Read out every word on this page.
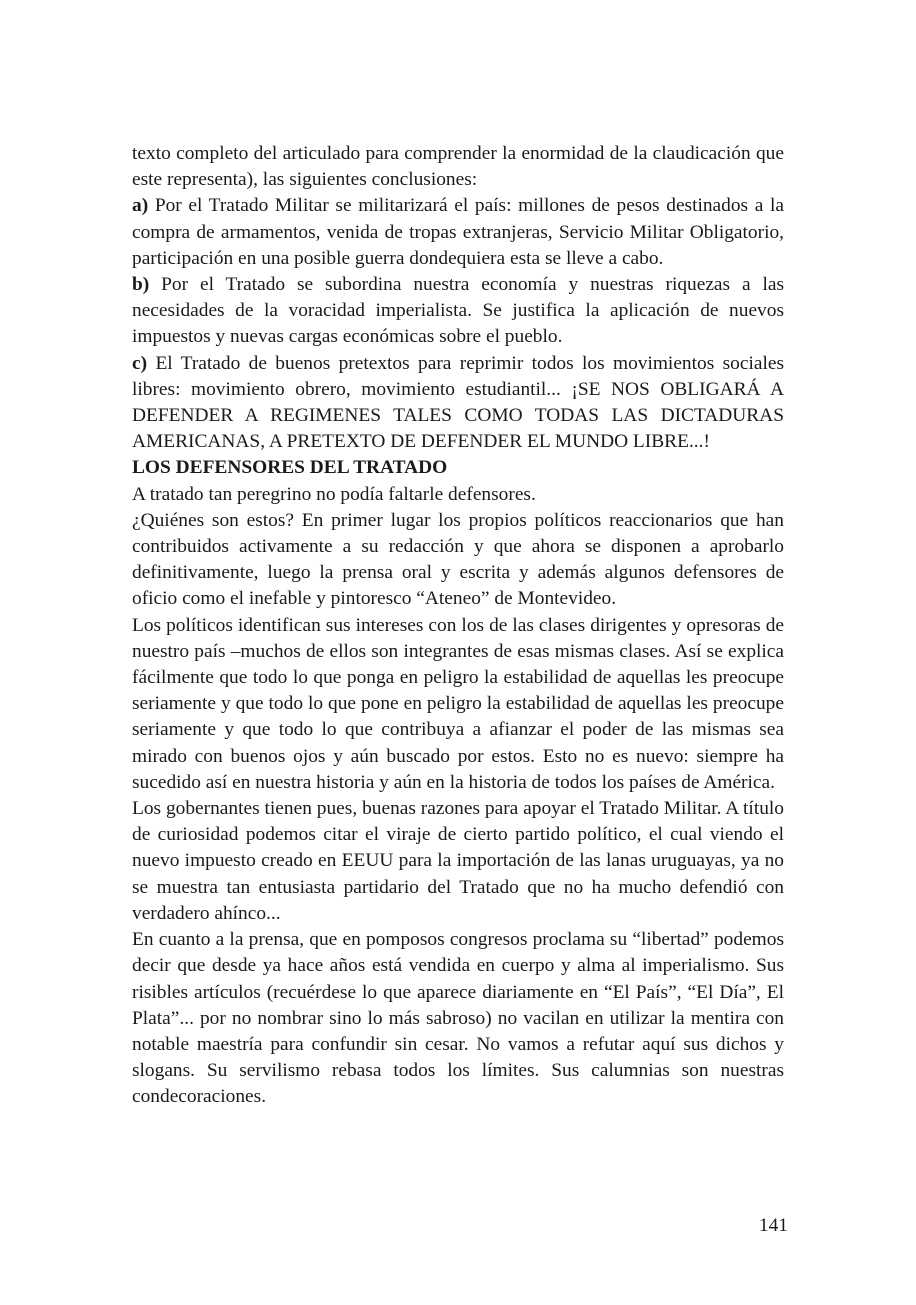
texto completo del articulado para comprender la enormidad de la claudicación que este representa), las siguientes conclusiones:

a) Por el Tratado Militar se militarizará el país: millones de pesos destinados a la compra de armamentos, venida de tropas extranjeras, Servicio Militar Obligatorio, participación en una posible guerra dondequiera esta se lleve a cabo.

b) Por el Tratado se subordina nuestra economía y nuestras riquezas a las necesidades de la voracidad imperialista. Se justifica la aplicación de nuevos impuestos y nuevas cargas económicas sobre el pueblo.

c) El Tratado de buenos pretextos para reprimir todos los movimientos sociales libres: movimiento obrero, movimiento estudiantil... ¡SE NOS OBLIGARÁ A DEFENDER A REGIMENES TALES COMO TODAS LAS DICTADURAS AMERICANAS, A PRETEXTO DE DEFENDER EL MUNDO LIBRE...!

LOS DEFENSORES DEL TRATADO

A tratado tan peregrino no podía faltarle defensores.

¿Quiénes son estos? En primer lugar los propios políticos reaccionarios que han contribuidos activamente a su redacción y que ahora se disponen a aprobarlo definitivamente, luego la prensa oral y escrita y además algunos defensores de oficio como el inefable y pintoresco “Ateneo” de Montevideo.

Los políticos identifican sus intereses con los de las clases dirigentes y opresoras de nuestro país –muchos de ellos son integrantes de esas mismas clases. Así se explica fácilmente que todo lo que ponga en peligro la estabilidad de aquellas les preocupe seriamente y que todo lo que pone en peligro la estabilidad de aquellas les preocupe seriamente y que todo lo que contribuya a afianzar el poder de las mismas sea mirado con buenos ojos y aún buscado por estos. Esto no es nuevo: siempre ha sucedido así en nuestra historia y aún en la historia de todos los países de América.

Los gobernantes tienen pues, buenas razones para apoyar el Tratado Militar. A título de curiosidad podemos citar el viraje de cierto partido político, el cual viendo el nuevo impuesto creado en EEUU para la importación de las lanas uruguayas, ya no se muestra tan entusiasta partidario del Tratado que no ha mucho defendió con verdadero ahínco...

En cuanto a la prensa, que en pomposos congresos proclama su “libertad” podemos decir que desde ya hace años está vendida en cuerpo y alma al imperialismo. Sus risibles artículos (recuérdese lo que aparece diariamente en “El País”, “El Día”, El Plata”... por no nombrar sino lo más sabroso) no vacilan en utilizar la mentira con notable maestría para confundir sin cesar. No vamos a refutar aquí sus dichos y slogans. Su servilismo rebasa todos los límites. Sus calumnias son nuestras condecoraciones.

141
